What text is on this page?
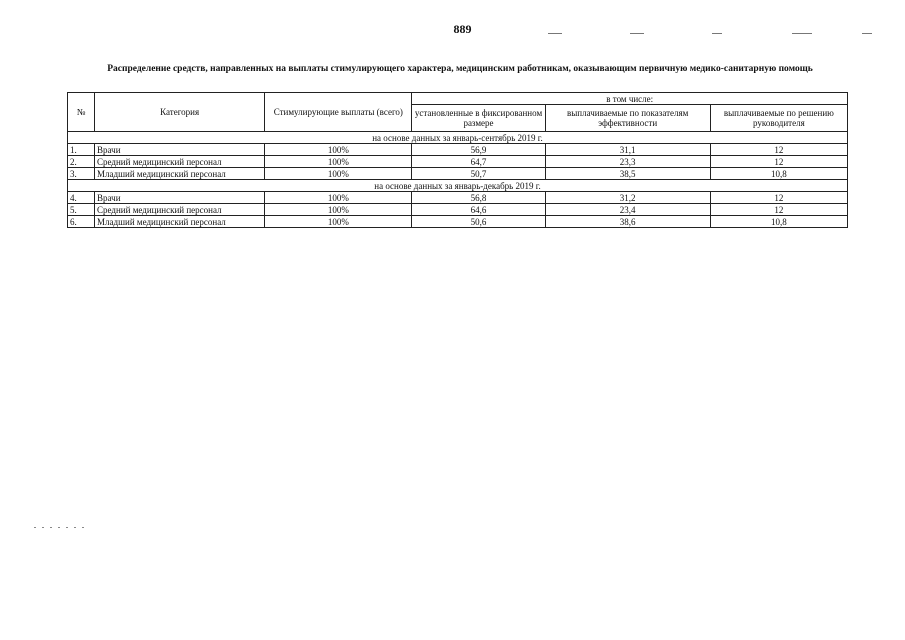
889
Распределение средств, направленных на выплаты стимулирующего характера, медицинским работникам, оказывающим первичную медико-санитарную помощь
№	Категория	Стимулирующие выплаты (всего)	в том числе:		
			установленные в фиксированном размере	выплачиваемые по показателям эффективности	выплачиваемые по решению руководителя
на основе данных за январь-сентябрь 2019 г.					
1.	Врачи	100%	56,9	31,1	12
2.	Средний медицинский персонал	100%	64,7	23,3	12
3.	Младший медицинский персонал	100%	50,7	38,5	10,8
на основе данных за январь-декабрь 2019 г.					
4.	Врачи	100%	56,8	31,2	12
5.	Средний медицинский персонал	100%	64,6	23,4	12
6.	Младший медицинский персонал	100%	50,6	38,6	10,8
